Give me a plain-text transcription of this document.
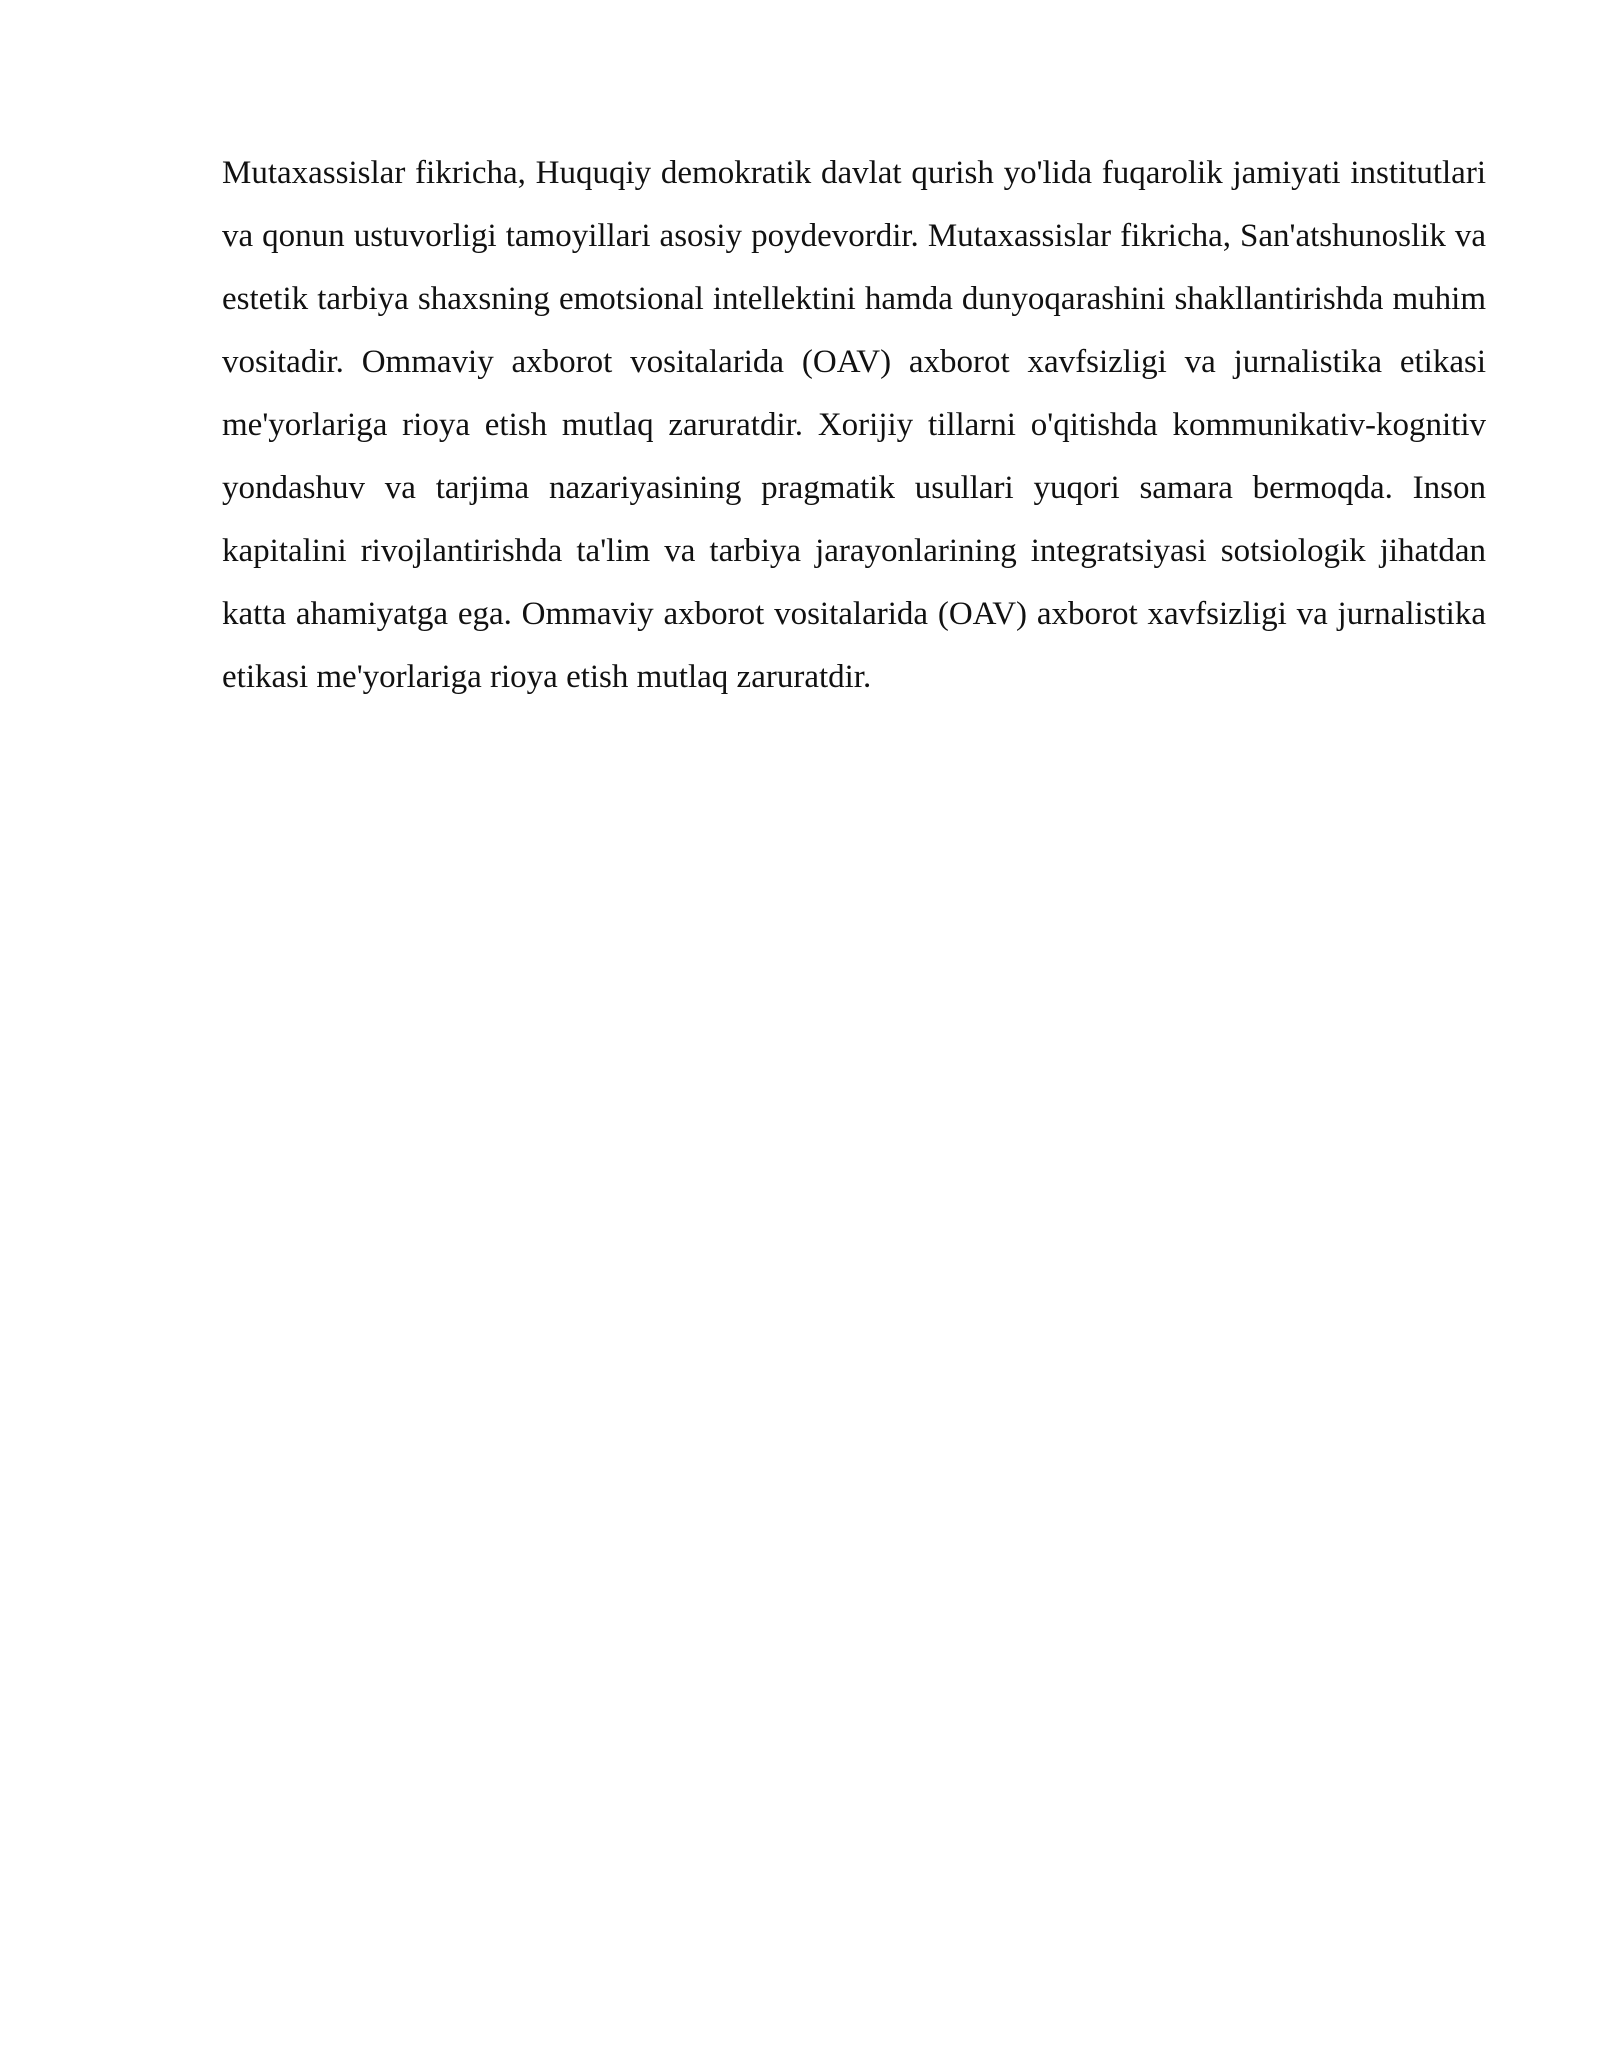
Mutaxassislar fikricha, Huquqiy demokratik davlat qurish yo'lida fuqarolik jamiyati institutlari va qonun ustuvorligi tamoyillari asosiy poydevordir. Mutaxassislar fikricha, San'atshunoslik va estetik tarbiya shaxsning emotsional intellektini hamda dunyoqarashini shakllantirishda muhim vositadir. Ommaviy axborot vositalarida (OAV) axborot xavfsizligi va jurnalistika etikasi me'yorlariga rioya etish mutlaq zaruratdir. Xorijiy tillarni o'qitishda kommunikativ-kognitiv yondashuv va tarjima nazariyasining pragmatik usullari yuqori samara bermoqda. Inson kapitalini rivojlantirishda ta'lim va tarbiya jarayonlarining integratsiyasi sotsiologik jihatdan katta ahamiyatga ega. Ommaviy axborot vositalarida (OAV) axborot xavfsizligi va jurnalistika etikasi me'yorlariga rioya etish mutlaq zaruratdir.
